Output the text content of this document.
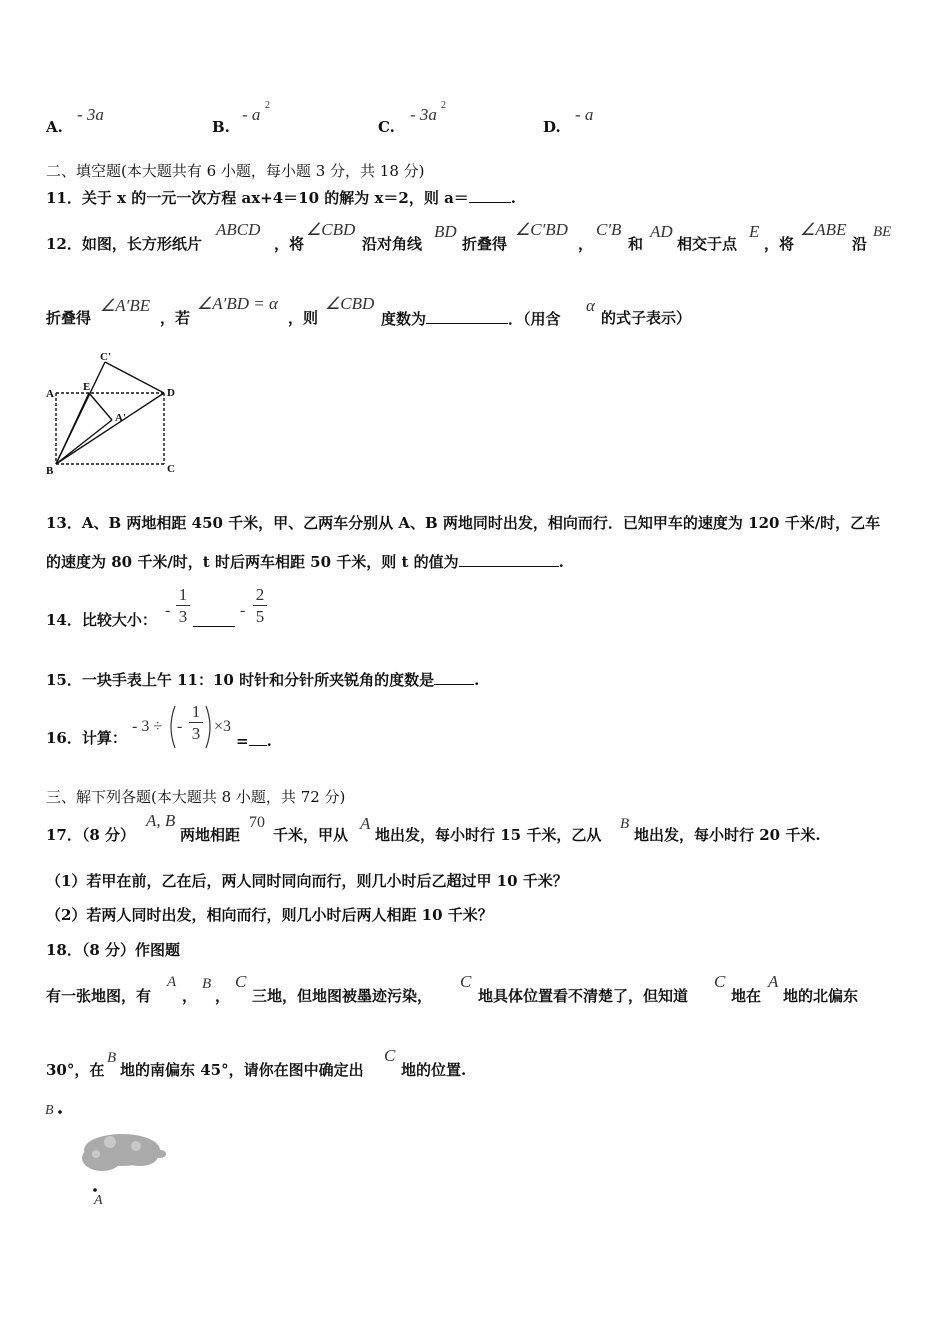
A.
- 3a
B.
- a 2
C.
- 3a 2
D.
- a
二、填空题(本大题共有 6 小题，每小题 3 分，共 18 分)
11．关于 x 的一元一次方程 ax+4＝10 的解为 x＝2，则 a＝	.
12．如图，长方形纸片
ABCD
，将
∠CBD
沿对角线
BD
折叠得
∠C′BD
，
C′B
和
AD
相交于点
E
，将
∠ABE
沿
BE
折叠得
∠A′BE
，若
∠A′BD = α
，则
∠CBD
度数为	．（用含
α
的式子表示）
A
E
C'
D
A'
B	C
13．A、B 两地相距 450 千米，甲、乙两车分别从 A、B 两地同时出发，相向而行．已知甲车的速度为 120 千米/时，乙车
的速度为 80 千米/时，t 时后两车相距 50 千米，则 t 的值为	.
14．比较大小：
-
1
3	-
2
5
15．一块手表上午 11：10 时针和分针所夹锐角的度数是	.
16．计算：
- 3 ÷ -
1
3 ×3
= .
三、解下列各题(本大题共 8 小题，共 72 分)
17．（8 分）
A, B
两地相距
70
千米，甲从
A
地出发，每小时行 15 千米，乙从
B
地出发，每小时行 20 千米.
（1）若甲在前，乙在后，两人同时同向而行，则几小时后乙超过甲 10 千米？
（2）若两人同时出发，相向而行，则几小时后两人相距 10 千米？
18．（8 分）作图题
有一张地图，有
A
，
B
，
C
三地，但地图被墨迹污染，
C
地具体位置看不清楚了，但知道
C
地在
A
地的北偏东
30°，在
B
地的南偏东 45°，请你在图中确定出
C
地的位置.
B
A
